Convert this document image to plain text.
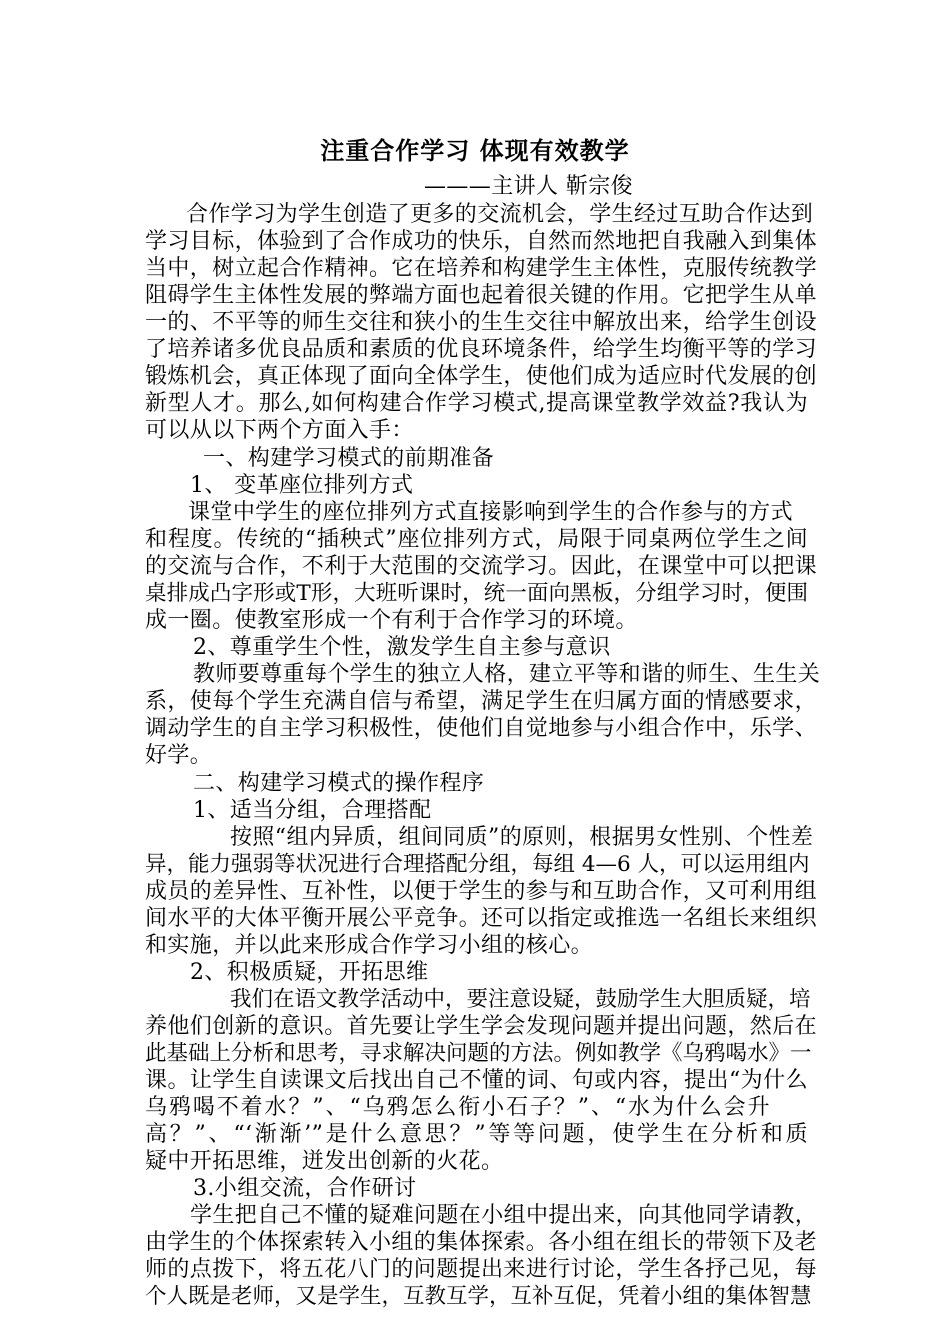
注重合作学习 体现有效教学

———主讲人 靳宗俊

合作学习为学生创造了更多的交流机会，学生经过互助合作达到

学习目标，体验到了合作成功的快乐，自然而然地把自我融入到集体

当中，树立起合作精神。它在培养和构建学生主体性，克服传统教学

阻碍学生主体性发展的弊端方面也起着很关键的作用。它把学生从单

一的、不平等的师生交往和狭小的生生交往中解放出来，给学生创设

了培养诸多优良品质和素质的优良环境条件，给学生均衡平等的学习

锻炼机会，真正体现了面向全体学生，使他们成为适应时代发展的创

新型人才。那么,如何构建合作学习模式,提高课堂教学效益?我认为

可以从以下两个方面入手：

一、构建学习模式的前期准备

1、 变革座位排列方式

课堂中学生的座位排列方式直接影响到学生的合作参与的方式

和程度。传统的“插秧式”座位排列方式，局限于同桌两位学生之间

的交流与合作，不利于大范围的交流学习。因此，在课堂中可以把课

桌排成凸字形或T形，大班听课时，统一面向黑板，分组学习时，便围

成一圈。使教室形成一个有利于合作学习的环境。

2、尊重学生个性，激发学生自主参与意识

教师要尊重每个学生的独立人格，建立平等和谐的师生、生生关

系，使每个学生充满自信与希望，满足学生在归属方面的情感要求，

调动学生的自主学习积极性，使他们自觉地参与小组合作中，乐学、

好学。

二、构建学习模式的操作程序

1、适当分组，合理搭配

按照“组内异质，组间同质”的原则，根据男女性别、个性差

异，能力强弱等状况进行合理搭配分组，每组 4—6 人，可以运用组内

成员的差异性、互补性，以便于学生的参与和互助合作，又可利用组

间水平的大体平衡开展公平竞争。还可以指定或推选一名组长来组织

和实施，并以此来形成合作学习小组的核心。

2、积极质疑，开拓思维

我们在语文教学活动中，要注意设疑，鼓励学生大胆质疑，培

养他们创新的意识。首先要让学生学会发现问题并提出问题，然后在

此基础上分析和思考，寻求解决问题的方法。例如教学《乌鸦喝水》一

课。让学生自读课文后找出自己不懂的词、句或内容，提出“为什么

乌鸦喝不着水？”、“乌鸦怎么衔小石子？”、“水为什么会升

高？”、“‘渐渐’”是什么意思？”等等问题，使学生在分析和质

疑中开拓思维，迸发出创新的火花。

3.小组交流，合作研讨

学生把自己不懂的疑难问题在小组中提出来，向其他同学请教，

由学生的个体探索转入小组的集体探索。各小组在组长的带领下及老

师的点拨下，将五花八门的问题提出来进行讨论，学生各抒己见，每

个人既是老师，又是学生，互教互学，互补互促，凭着小组的集体智慧
